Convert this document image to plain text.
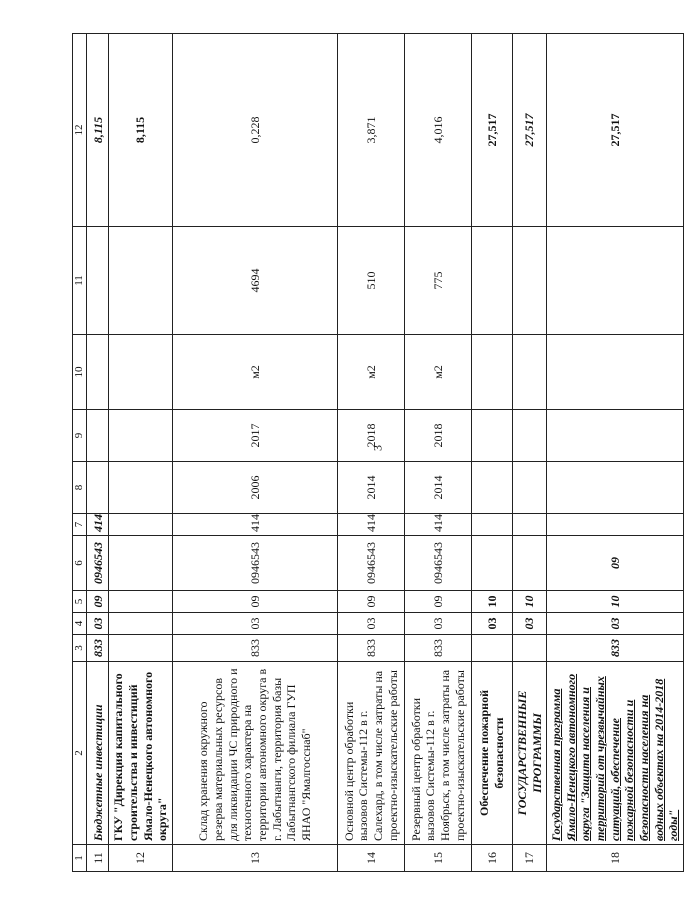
3
1	2	3	4	5	6	7	8	9	10	11	12
11	Бюджетные инвестиции	833	03	09	0946543	414					8,115
12	ГКУ "Дирекция капитального строительства и инвестиций Ямало-Ненецкого автономного округа"										8,115
13	Склад хранения окружного резерва материальных ресурсов для ликвидации ЧС природного и техногенного характера на территории автономного округа в г. Лабытнанги, территория базы Лабытнангского филиала ГУП ЯНАО "Ямалгосснаб"	833	03	09	0946543	414	2006	2017	м2	4694	0,228
14	Основной центр обработки вызовов Системы-112 в г. Салехард, в том числе затраты на проектно-изыскательские работы	833	03	09	0946543	414	2014	2018	м2	510	3,871
15	Резервный центр обработки вызовов Системы-112 в г. Ноябрьск, в том числе затраты на проектно-изыскательские работы	833	03	09	0946543	414	2014	2018	м2	775	4,016
16	Обеспечение пожарной безопасности		03	10							27,517
17	ГОСУДАРСТВЕННЫЕ ПРОГРАММЫ		03	10							27,517
18	Государственная программа Ямало-Ненецкого автономного округа "Защита населения и территорий от чрезвычайных ситуаций, обеспечение пожарной безопасности и безопасности населения на водных объектах на 2014-2018 годы"	833	03	10	09						27,517
